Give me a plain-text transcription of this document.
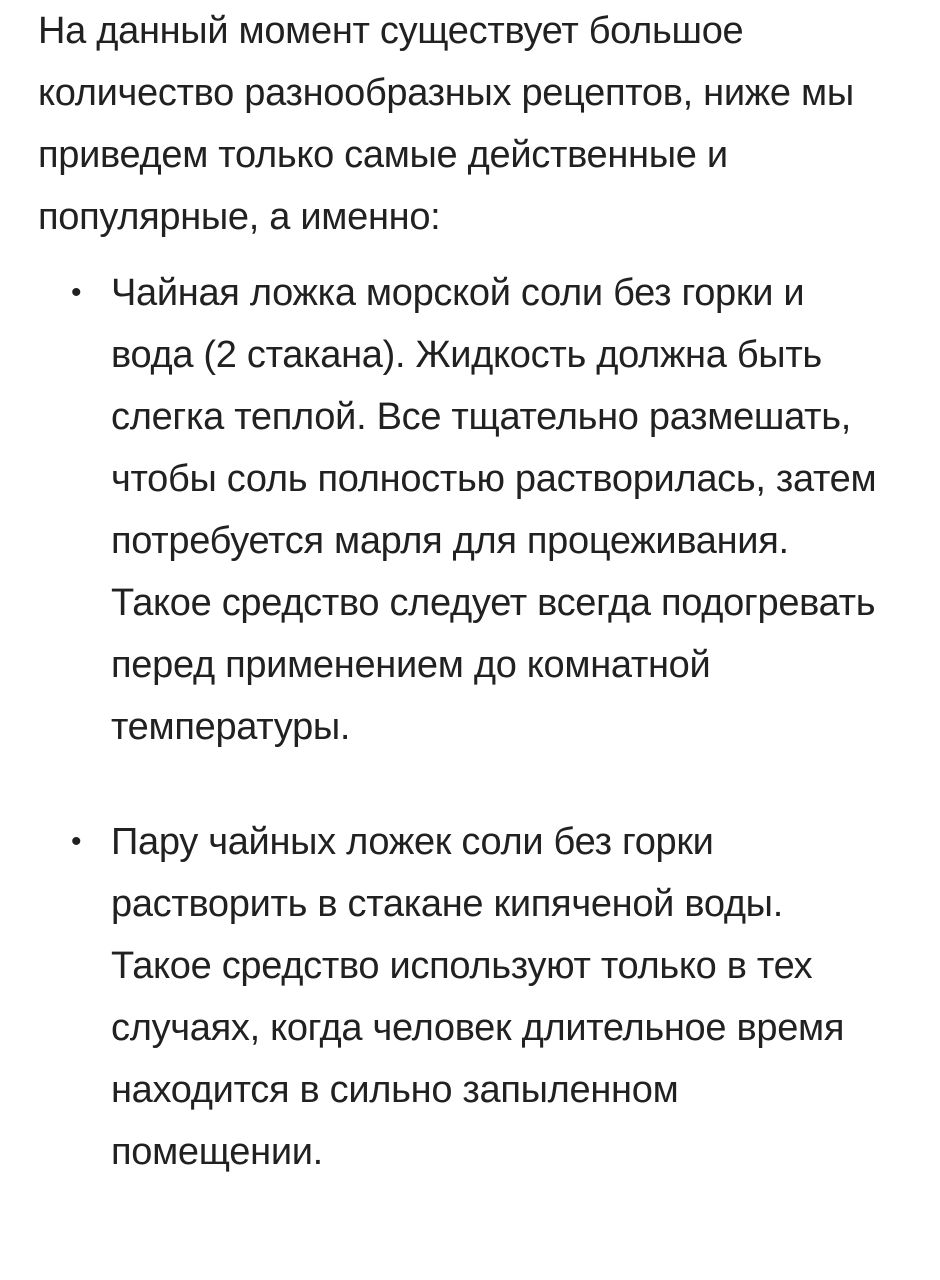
На данный момент существует большое количество разнообразных рецептов, ниже мы приведем только самые действенные и популярные, а именно:

• Чайная ложка морской соли без горки и вода (2 стакана). Жидкость должна быть слегка теплой. Все тщательно размешать, чтобы соль полностью растворилась, затем потребуется марля для процеживания. Такое средство следует всегда подогревать перед применением до комнатной температуры.
• Пару чайных ложек соли без горки растворить в стакане кипяченой воды. Такое средство используют только в тех случаях, когда человек длительное время находится в сильно запыленном помещении.
